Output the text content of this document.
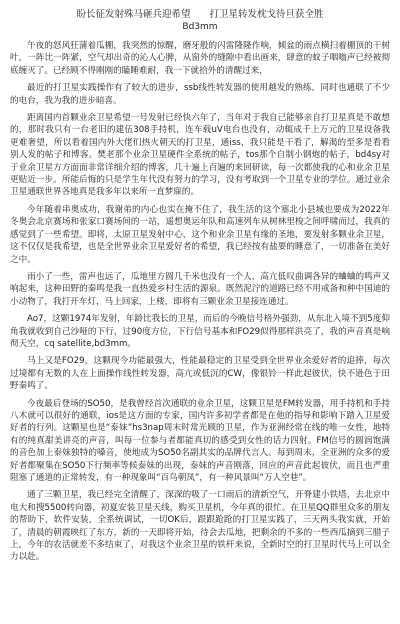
盼长征发射殊马砸兵迎希望　　打卫星转发枕戈待旦获全胜
Bd3mm

午夜的怒风狂蒲着瓜棚，我突然的惊醒，磨牙般的闪雷隆隆作响，倾盆的雨点横扫着棚顶的干树叶，一阵比一阵紧，空气却出奇的沁人心脾，从窗外的缝隙中看出画来，肆意的蚊子咽嗡声已经被彻底缠灭了。已经顾不得刚刚的瞌睡难耐，我一下就拾外的清醒过来，

最近的打卫星实践操作有了较大的进步，ssb线性转发器的使用越发的熟练，同时也通联了不少的电台，我为我的进步暗喜。

距离国内首颗业余卫星希望一号发射已经快六年了，当年对于我自己能够亲自打卫星真是不敢想的，那时我只有一台老旧的建伍308手持机，连车载uV电台也没有，动辄成千上万元的卫星设备我更难奢望，所以看着国内外大佬们热火朝天的打卫星，通iss，我只能是干看了，解渴的至多是看看别人发的帖子和博客。樊老那个业余卫星硬件全系统的帖子，tos那个自制小钢炮的帖子，bd4sy对于业余卫星方方面面非常详细介绍的博客，几十遍上百遍的来回研读，每一次都使我的心和业余卫星更贴近一步。所能后悔的只是学生年代没有努力的学习，没有考取到一个卫星专业的学位。通过业余卫星通联世界各地真是我多年以来所一直梦寐的。

今年随着串奥成功，我谢弟的内心也实在掩不住了，我生活的这个塞北小县城也要成为2022年冬奥会北京赛场和张家口赛场间的一站，遥想奥运年队和高速列车从树林里梭之间呼啸而过，我真的感觉到了一些希望。即将，太原卫星发射中心，这个和业余卫星有缘的圣地，要发射多颗业余卫星，这不仅仅是我希望，也是全世界业余卫星爱好者的希望，我已经按有盐要的睡意了，一切准备在美好之中。

雨小了一些，雷声也远了，瓜地里方圆几千米也没有一个人，高亢低叹曲调各异的蛐蛐的鸣声又响起来，这种田野的秦鸣是我一直热爱乡村生活的源泉。既然泥泞的道路已经不用戒备和种中国迪的小动物了，我打开车灯，马上回家，上楼，即将有三颗业余卫星接连通过。

Ao7，这颗1974年发射，年龄比我长的卫星，而后的今晚信号格外强劲，从东北入境不到5度仰角我就收到自己沙哑的下行，过90度方位，下行信号基本和FO29似得那样洪亮了，我的声音真是响彻天空，cq satellite,bd3mm。

马上又是FO29，这颗现今功能最强大，性能最稳定的卫星受到全世界业余爱好者的追捧，每次过境都有无数的人在上面操作线性转发器，高亢或低沉的CW，像银铃一样此起彼伏，快不逊色于田野秦鸣了。

今夜最后登场的SO50，是我曾经首次通联的业余卫星，这颗卫星是FM转发器，用手持机和手持八木就可以很好的通联，ios是这方面的专家，国内许多初学者都是在他的指导和影响下踏入卫星爱好者的行列。这颗星也是“泰妹”hs3nap周末时常光顾的卫星，作为亚洲经常在线的唯一女性，地特有的纯真甜美讲亮的声音，叫每一位参与者都能真切的感受到女性的话力四射。FM信号的圆润饱满的音色加上泰妹独特的嗓音，使地成为SO50名副其实的品牌代言人。每到周末，全亚洲的众多的爱好者都聚集在SO50下行频率等候泰妹的出现，泰妹的声音刚落，回应的声音此起彼伏，而且也严重阻塞了通道的正常转发，有一种现象叫“百鸟朝凤”，有一种风景叫“万人空巷”。

通了三颗卫星，我已经完全清醒了，深深的吸了一口雨后的清新空气，开脊建小铁塔，去北京中电大和搜5500转向器，初夏安装卫星天线，购买卫星机，今年真的很忙。在卫星QQ群里众多的朋友的帮助下，软件安装，全系统调试，一切OK后，跟跟跄跄的打卫星实践了，三天两头我实就，开始了，清晨的朝霞映红了东方，新的一天即将开始，待会去瓜地，把剩余的不多的一些西瓜摘到三腊子上，今年的农活就差不多结束了，对我这个业余卫星的铁杆来说，全新时空的打卫星时代马上可以全力以赴。
